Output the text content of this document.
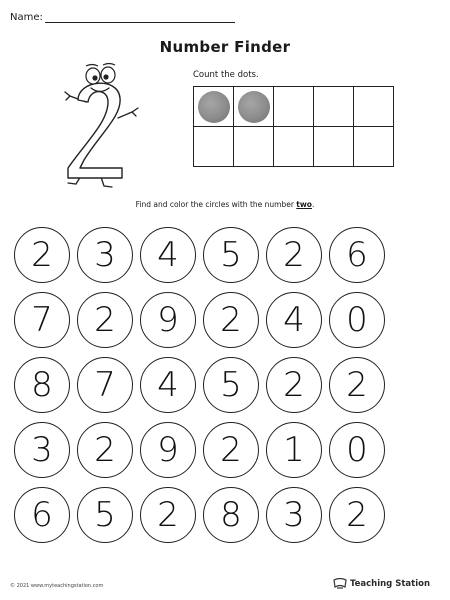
Name:
Number Finder
Count the dots.
Find and color the circles with the number two.
2 3 4 5 2 6
7 2 9 2 4 0
8 7 4 5 2 2
3 2 9 2 1 0
6 5 2 8 3 2
© 2021 www.myteachingstation.com	Teaching Station
